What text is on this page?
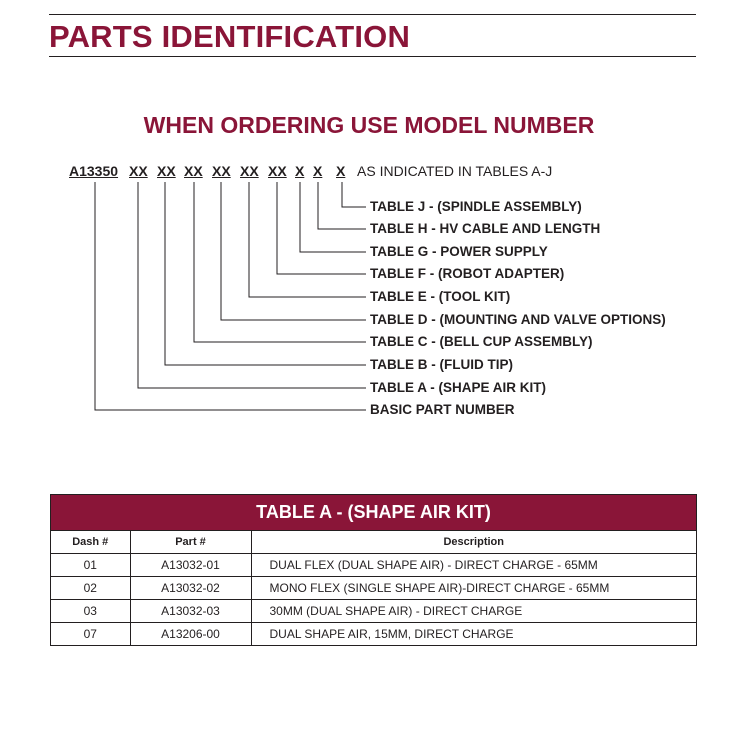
PARTS IDENTIFICATION
WHEN ORDERING USE MODEL NUMBER
A13350 XX XX XX XX XX XX X X X AS INDICATED IN TABLES A-J
TABLE J - (SPINDLE ASSEMBLY)
TABLE H - HV CABLE AND LENGTH
TABLE G - POWER SUPPLY
TABLE F - (ROBOT ADAPTER)
TABLE E - (TOOL KIT)
TABLE D - (MOUNTING AND VALVE OPTIONS)
TABLE C - (BELL CUP ASSEMBLY)
TABLE B - (FLUID TIP)
TABLE A - (SHAPE AIR KIT)
BASIC PART NUMBER
TABLE A - (SHAPE AIR KIT)
Dash #	Part #	Description
01	A13032-01	DUAL FLEX (DUAL SHAPE AIR) - DIRECT CHARGE - 65MM
02	A13032-02	MONO FLEX (SINGLE SHAPE AIR)-DIRECT CHARGE - 65MM
03	A13032-03	30MM (DUAL SHAPE AIR) - DIRECT CHARGE
07	A13206-00	DUAL SHAPE AIR, 15MM, DIRECT CHARGE
